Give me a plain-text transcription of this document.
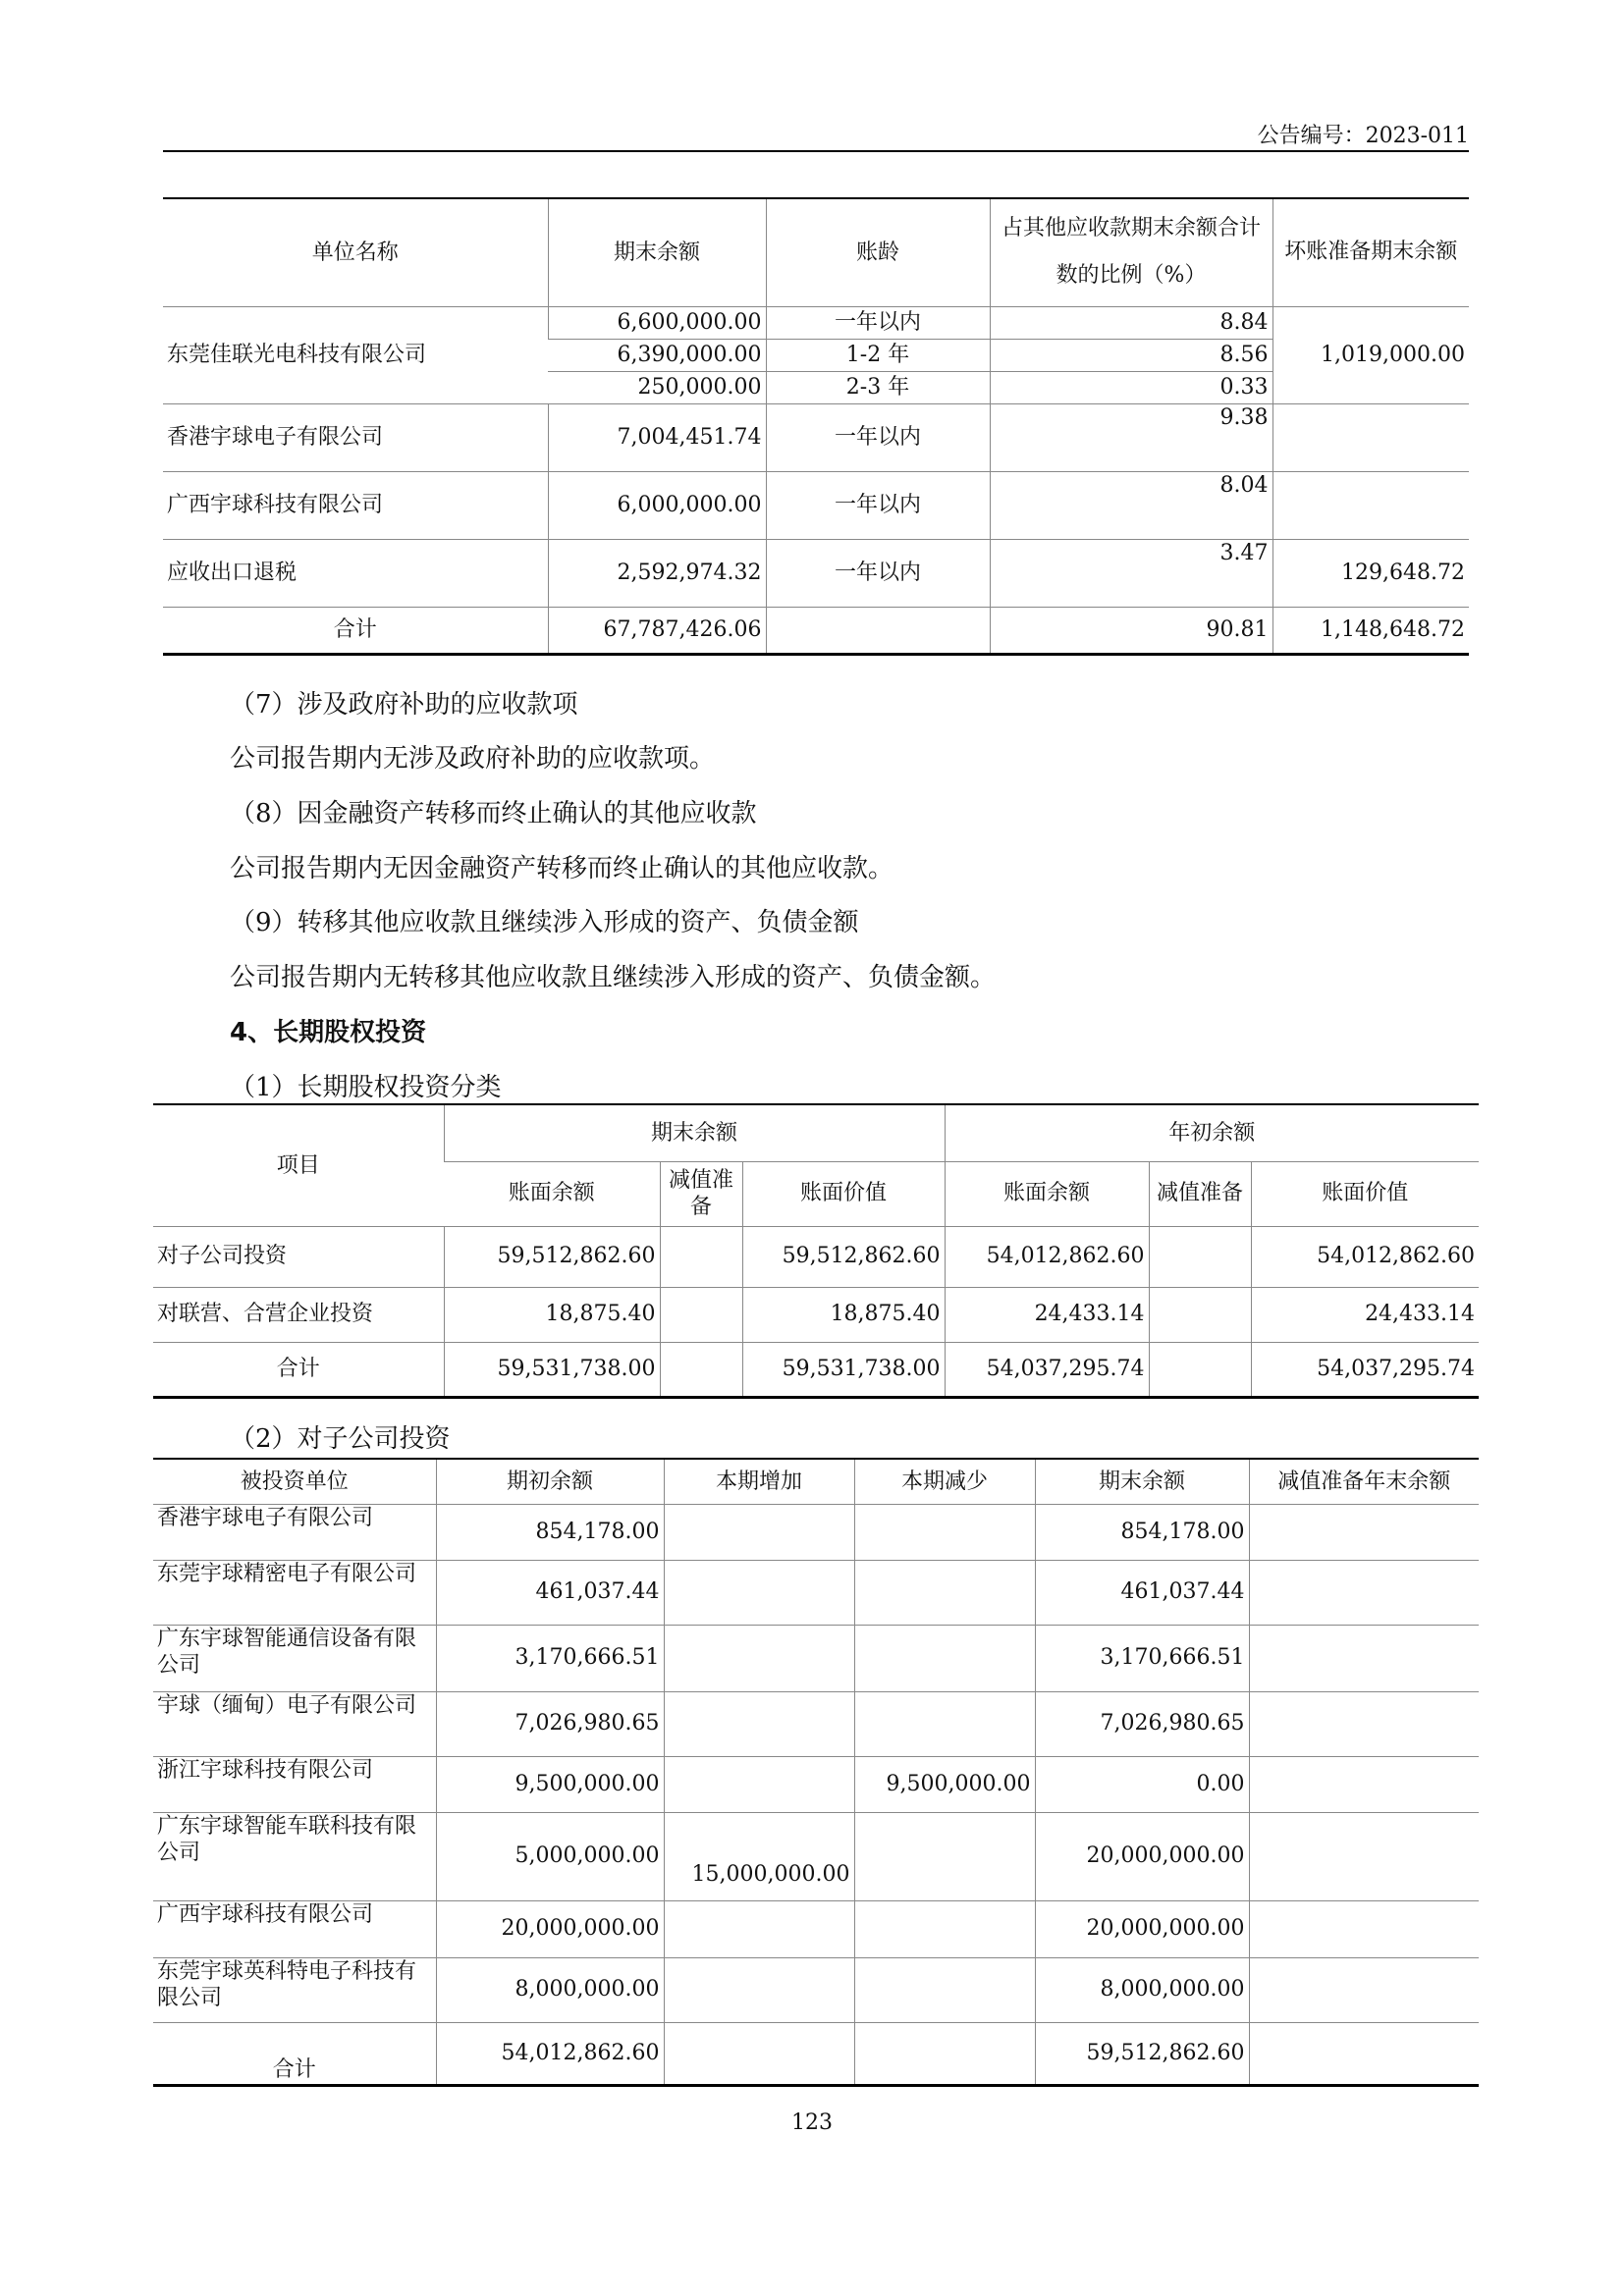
公告编号：2023-011
单位名称	期末余额	账龄	占其他应收款期末余额合计数的比例（%）	坏账准备期末余额
东莞佳联光电科技有限公司	6,600,000.00	一年以内	8.84	1,019,000.00
	6,390,000.00	1-2 年	8.56	
	250,000.00	2-3 年	0.33	
香港宇球电子有限公司	7,004,451.74	一年以内	9.38	
广西宇球科技有限公司	6,000,000.00	一年以内	8.04	
应收出口退税	2,592,974.32	一年以内	3.47	129,648.72
合计	67,787,426.06		90.81	1,148,648.72
（7）涉及政府补助的应收款项
公司报告期内无涉及政府补助的应收款项。
（8）因金融资产转移而终止确认的其他应收款
公司报告期内无因金融资产转移而终止确认的其他应收款。
（9）转移其他应收款且继续涉入形成的资产、负债金额
公司报告期内无转移其他应收款且继续涉入形成的资产、负债金额。
4、长期股权投资
（1）长期股权投资分类
项目	期末余额			年初余额		
	账面余额	减值准备	账面价值	账面余额	减值准备	账面价值
对子公司投资	59,512,862.60		59,512,862.60	54,012,862.60		54,012,862.60
对联营、合营企业投资	18,875.40		18,875.40	24,433.14		24,433.14
合计	59,531,738.00		59,531,738.00	54,037,295.74		54,037,295.74
（2）对子公司投资
被投资单位	期初余额	本期增加	本期减少	期末余额	减值准备年末余额
香港宇球电子有限公司	854,178.00			854,178.00	
东莞宇球精密电子有限公司	461,037.44			461,037.44	
广东宇球智能通信设备有限公司	3,170,666.51			3,170,666.51	
宇球（缅甸）电子有限公司	7,026,980.65			7,026,980.65	
浙江宇球科技有限公司	9,500,000.00		9,500,000.00	0.00	
广东宇球智能车联科技有限公司	5,000,000.00	15,000,000.00		20,000,000.00	
广西宇球科技有限公司	20,000,000.00			20,000,000.00	
东莞宇球英科特电子科技有限公司	8,000,000.00			8,000,000.00	
合计	54,012,862.60			59,512,862.60	
123
